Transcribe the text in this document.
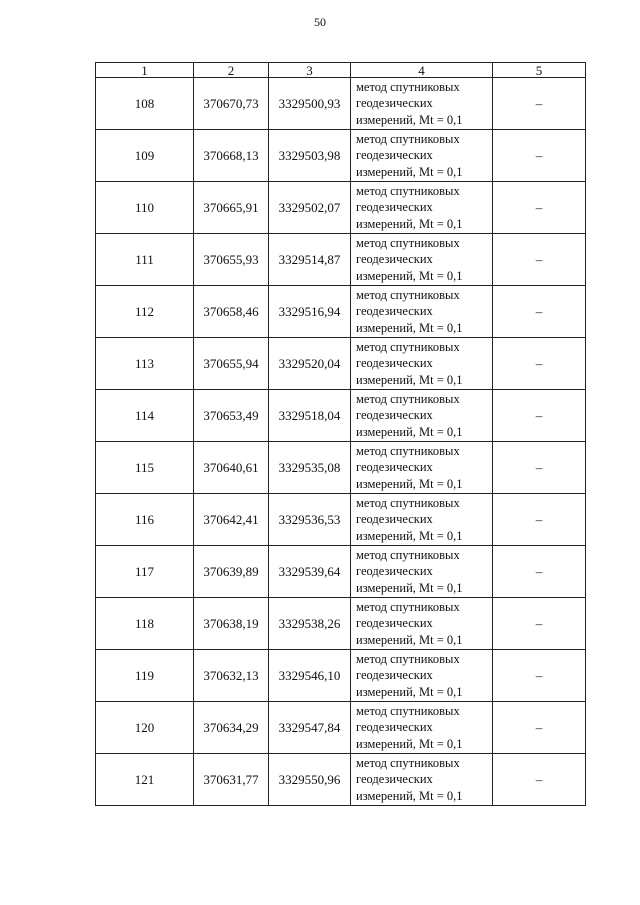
50
1	2	3	4	5
108	370670,73	3329500,93	метод спутниковых
геодезических
измерений, Mt = 0,1	–
109	370668,13	3329503,98	метод спутниковых
геодезических
измерений, Mt = 0,1	–
110	370665,91	3329502,07	метод спутниковых
геодезических
измерений, Mt = 0,1	–
111	370655,93	3329514,87	метод спутниковых
геодезических
измерений, Mt = 0,1	–
112	370658,46	3329516,94	метод спутниковых
геодезических
измерений, Mt = 0,1	–
113	370655,94	3329520,04	метод спутниковых
геодезических
измерений, Mt = 0,1	–
114	370653,49	3329518,04	метод спутниковых
геодезических
измерений, Mt = 0,1	–
115	370640,61	3329535,08	метод спутниковых
геодезических
измерений, Mt = 0,1	–
116	370642,41	3329536,53	метод спутниковых
геодезических
измерений, Mt = 0,1	–
117	370639,89	3329539,64	метод спутниковых
геодезических
измерений, Mt = 0,1	–
118	370638,19	3329538,26	метод спутниковых
геодезических
измерений, Mt = 0,1	–
119	370632,13	3329546,10	метод спутниковых
геодезических
измерений, Mt = 0,1	–
120	370634,29	3329547,84	метод спутниковых
геодезических
измерений, Mt = 0,1	–
121	370631,77	3329550,96	метод спутниковых
геодезических
измерений, Mt = 0,1	–
